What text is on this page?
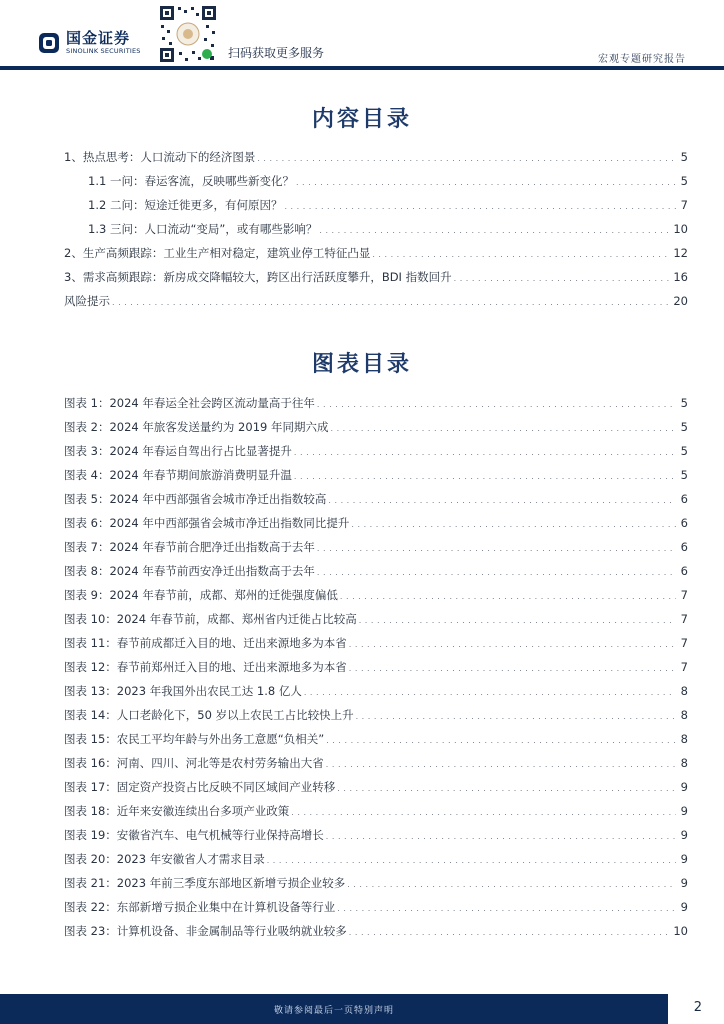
国金证券
SINOLINK SECURITIES	扫码获取更多服务	宏观专题研究报告
内容目录
1、热点思考：人口流动下的经济图景 . . .	5
1.1 一问：春运客流，反映哪些新变化？ . . .	5
1.2 二问：短途迁徙更多，有何原因？ . . .	7
1.3 三问：人口流动“变局”，或有哪些影响？ . . .	10
2、生产高频跟踪：工业生产相对稳定，建筑业停工特征凸显 . . .	12
3、需求高频跟踪：新房成交降幅较大，跨区出行活跃度攀升，BDI 指数回升 . . .	16
风险提示 . . .	20
图表目录
图表 1： 2024 年春运全社会跨区流动量高于往年 . . .	5
图表 2： 2024 年旅客发送量约为 2019 年同期六成 . . .	5
图表 3： 2024 年春运自驾出行占比显著提升 . . .	5
图表 4： 2024 年春节期间旅游消费明显升温 . . .	5
图表 5： 2024 年中西部强省会城市净迁出指数较高 . . .	6
图表 6： 2024 年中西部强省会城市净迁出指数同比提升 . . .	6
图表 7： 2024 年春节前合肥净迁出指数高于去年 . . .	6
图表 8： 2024 年春节前西安净迁出指数高于去年 . . .	6
图表 9： 2024 年春节前，成都、郑州的迁徙强度偏低 . . .	7
图表 10： 2024 年春节前，成都、郑州省内迁徙占比较高 . . .	7
图表 11： 春节前成都迁入目的地、迁出来源地多为本省 . . .	7
图表 12： 春节前郑州迁入目的地、迁出来源地多为本省 . . .	7
图表 13： 2023 年我国外出农民工达 1.8 亿人 . . .	8
图表 14： 人口老龄化下，50 岁以上农民工占比较快上升 . . .	8
图表 15： 农民工平均年龄与外出务工意愿“负相关” . . .	8
图表 16： 河南、四川、河北等是农村劳务输出大省 . . .	8
图表 17： 固定资产投资占比反映不同区域间产业转移 . . .	9
图表 18： 近年来安徽连续出台多项产业政策 . . .	9
图表 19： 安徽省汽车、电气机械等行业保持高增长 . . .	9
图表 20： 2023 年安徽省人才需求目录 . . .	9
图表 21： 2023 年前三季度东部地区新增亏损企业较多 . . .	9
图表 22： 东部新增亏损企业集中在计算机设备等行业 . . .	9
图表 23： 计算机设备、非金属制品等行业吸纳就业较多 . . .	10
敬请参阅最后一页特别声明	2
